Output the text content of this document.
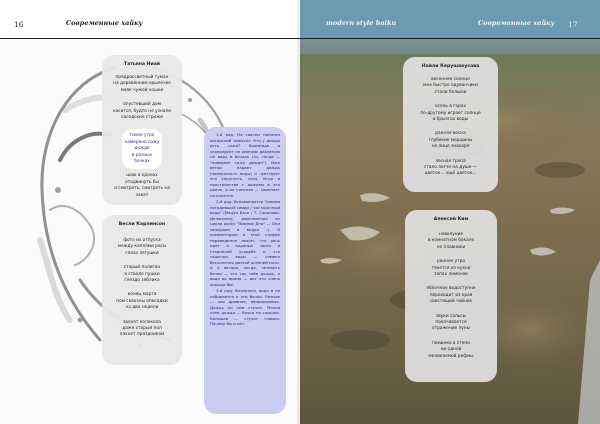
16	Современные хайку
Татьяна Ниай
предрассветный туман
на деревянном крылечке
маяк чужой кошки
опустевший дом
косится, будто не узнали
соседские стрижи
тихое утро
намерено сажу дождя
в разные бочках
шаю в кронах
отодвинуть бы
и смотреть, смотреть на закат
Весли Карлинсон
фото из отпуска
между каплями росы
глаза лягушки
старый полигон
в стволе пушки
гнездо зяблика
конец марта
пом сквозны опосадки
на два недели
звонят колокола
даже старый пол
пахнет праздником

1-й ряд: Не совсем понятен авторский замысел. Кто у дождя есть сажа? Кромеида в скопиерует по инению давлению на воду в бочках (то, тогда — "поверяет сажу дождя"). Иже автор падает дождь (поверхность воды) и чувствует его упругость, силу. Игра в пространстве с дождем в его давле, а он сильнее — заменяет по конечно.

2-й ряд: Вспоминается "ежима погадивший свидо / чистосонный вода" (Мацуо Басе / Т. Соколово-Делюсина); дерственное из цикла розку "Зимних Дня" — Они заныряли в ведра :). В комментарии я этой строфе переведенно лежит, что речь идет о водяных часах в старинной усадьбе и что чашечки воды — символ бесконечно долгой осенней ночи. А у автора, когда, четверть бочки — это так себе дождь, а вода во время — вот это очень хорошо бы!

3-й ряд: Возможно, вода и не набирается в эти бочки. Разные — они древние, непрерывные. Дождь по ним стучит. Малая сила дождя — бочки на слышно. Большая — стучит громко. Почему бы и нет.

modern style haiku	Современные хайку 17
Найли Керушакусова
весеннее солнце
мне быстро одуванчики
стали белыми
осень в горах
по-другому играет солнце
в брызгах воды
ранняя весна
глубокие морщины
на лице знахаря
лесная тропа
стало легче на душе —
цветок... ещё цветок...
Алексей Ким
новолуние
в комнатном бокале
не плавники
раннее утро
тянется из кухни
запах лимонов
яблочное водоступни
переходит из края
свистящий чайник
звуки сальсы
покачивается
отражение луны
поминка в степи
ни одной
меликаемой рифмы
